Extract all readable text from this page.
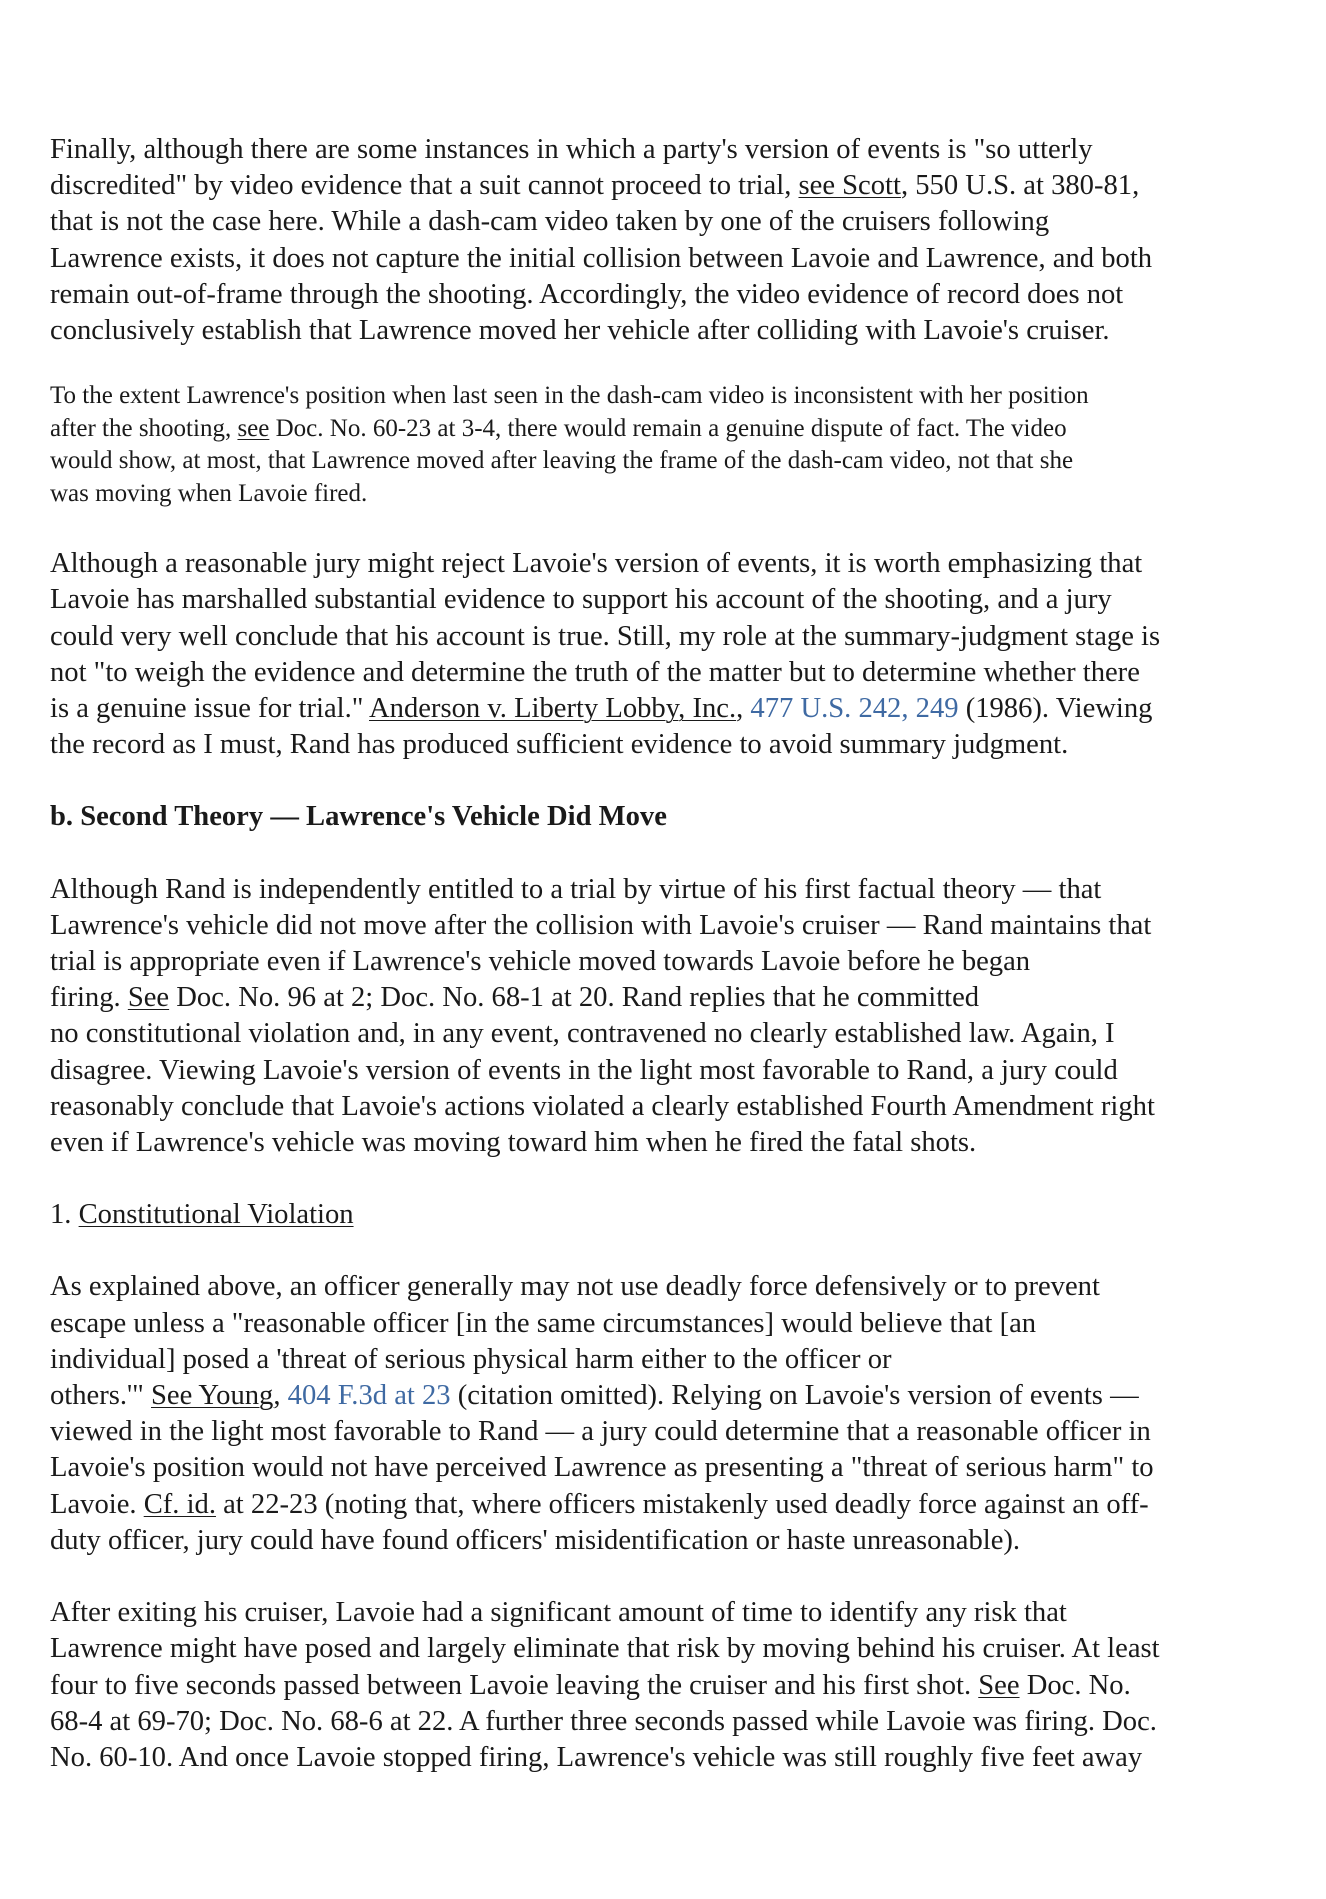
Finally, although there are some instances in which a party's version of events is "so utterly
discredited" by video evidence that a suit cannot proceed to trial, see Scott, 550 U.S. at 380-81,
that is not the case here. While a dash-cam video taken by one of the cruisers following
Lawrence exists, it does not capture the initial collision between Lavoie and Lawrence, and both
remain out-of-frame through the shooting. Accordingly, the video evidence of record does not
conclusively establish that Lawrence moved her vehicle after colliding with Lavoie's cruiser.

To the extent Lawrence's position when last seen in the dash-cam video is inconsistent with her position
after the shooting, see Doc. No. 60-23 at 3-4, there would remain a genuine dispute of fact. The video
would show, at most, that Lawrence moved after leaving the frame of the dash-cam video, not that she
was moving when Lavoie fired.

Although a reasonable jury might reject Lavoie's version of events, it is worth emphasizing that
Lavoie has marshalled substantial evidence to support his account of the shooting, and a jury
could very well conclude that his account is true. Still, my role at the summary-judgment stage is
not "to weigh the evidence and determine the truth of the matter but to determine whether there
is a genuine issue for trial." Anderson v. Liberty Lobby, Inc., 477 U.S. 242, 249 (1986). Viewing
the record as I must, Rand has produced sufficient evidence to avoid summary judgment.

b. Second Theory — Lawrence's Vehicle Did Move

Although Rand is independently entitled to a trial by virtue of his first factual theory — that
Lawrence's vehicle did not move after the collision with Lavoie's cruiser — Rand maintains that
trial is appropriate even if Lawrence's vehicle moved towards Lavoie before he began
firing. See Doc. No. 96 at 2; Doc. No. 68-1 at 20. Rand replies that he committed
no constitutional violation and, in any event, contravened no clearly established law. Again, I
disagree. Viewing Lavoie's version of events in the light most favorable to Rand, a jury could
reasonably conclude that Lavoie's actions violated a clearly established Fourth Amendment right
even if Lawrence's vehicle was moving toward him when he fired the fatal shots.

1. Constitutional Violation

As explained above, an officer generally may not use deadly force defensively or to prevent
escape unless a "reasonable officer [in the same circumstances] would believe that [an
individual] posed a 'threat of serious physical harm either to the officer or
others.'" See Young, 404 F.3d at 23 (citation omitted). Relying on Lavoie's version of events —
viewed in the light most favorable to Rand — a jury could determine that a reasonable officer in
Lavoie's position would not have perceived Lawrence as presenting a "threat of serious harm" to
Lavoie. Cf. id. at 22-23 (noting that, where officers mistakenly used deadly force against an off-
duty officer, jury could have found officers' misidentification or haste unreasonable).

After exiting his cruiser, Lavoie had a significant amount of time to identify any risk that
Lawrence might have posed and largely eliminate that risk by moving behind his cruiser. At least
four to five seconds passed between Lavoie leaving the cruiser and his first shot. See Doc. No.
68-4 at 69-70; Doc. No. 68-6 at 22. A further three seconds passed while Lavoie was firing. Doc.
No. 60-10. And once Lavoie stopped firing, Lawrence's vehicle was still roughly five feet away
